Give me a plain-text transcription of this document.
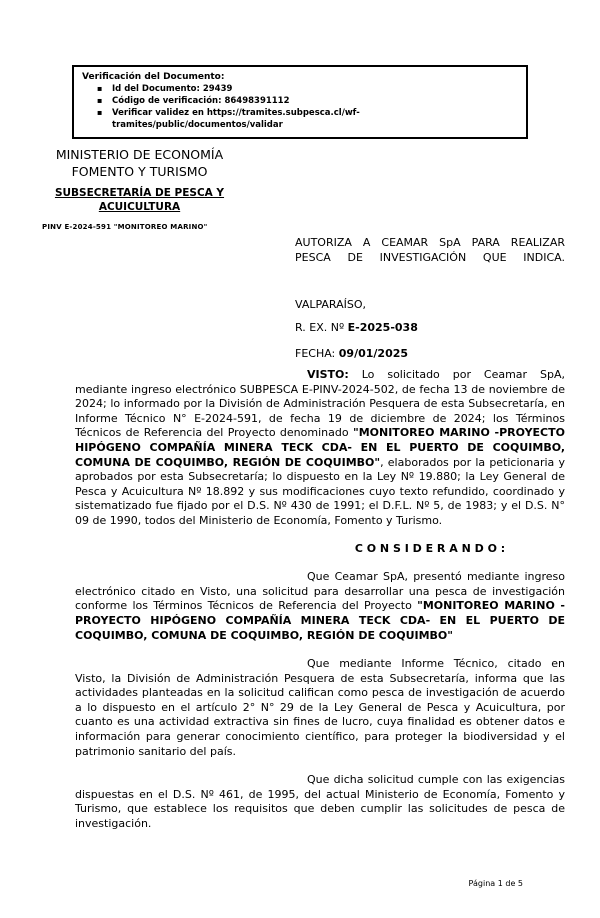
Verificación del Documento:
▪ Id del Documento: 29439
▪ Código de verificación: 86498391112
▪ Verificar validez en https://tramites.subpesca.cl/wf-tramites/public/documentos/validar
MINISTERIO DE ECONOMÍA
FOMENTO Y TURISMO
SUBSECRETARÍA DE PESCA Y
ACUICULTURA
PINV E-2024-591 "MONITOREO MARINO"
AUTORIZA A CEAMAR SpA PARA REALIZAR PESCA DE INVESTIGACIÓN QUE INDICA.
VALPARAÍSO,
R. EX. Nº E-2025-038
FECHA: 09/01/2025

VISTO: Lo solicitado por Ceamar SpA, mediante ingreso electrónico SUBPESCA E-PINV-2024-502, de fecha 13 de noviembre de 2024; lo informado por la División de Administración Pesquera de esta Subsecretaría, en Informe Técnico N° E-2024-591, de fecha 19 de diciembre de 2024; los Términos Técnicos de Referencia del Proyecto denominado "MONITOREO MARINO -PROYECTO HIPÓGENO COMPAÑÍA MINERA TECK CDA- EN EL PUERTO DE COQUIMBO, COMUNA DE COQUIMBO, REGIÓN DE COQUIMBO", elaborados por la peticionaria y aprobados por esta Subsecretaría; lo dispuesto en la Ley Nº 19.880; la Ley General de Pesca y Acuicultura Nº 18.892 y sus modificaciones cuyo texto refundido, coordinado y sistematizado fue fijado por el D.S. Nº 430 de 1991; el D.F.L. Nº 5, de 1983; y el D.S. N° 09 de 1990, todos del Ministerio de Economía, Fomento y Turismo.

C O N S I D E R A N D O :

Que Ceamar SpA, presentó mediante ingreso electrónico citado en Visto, una solicitud para desarrollar una pesca de investigación conforme los Términos Técnicos de Referencia del Proyecto "MONITOREO MARINO -PROYECTO HIPÓGENO COMPAÑÍA MINERA TECK CDA- EN EL PUERTO DE COQUIMBO, COMUNA DE COQUIMBO, REGIÓN DE COQUIMBO"

Que mediante Informe Técnico, citado en Visto, la División de Administración Pesquera de esta Subsecretaría, informa que las actividades planteadas en la solicitud califican como pesca de investigación de acuerdo a lo dispuesto en el artículo 2° N° 29 de la Ley General de Pesca y Acuicultura, por cuanto es una actividad extractiva sin fines de lucro, cuya finalidad es obtener datos e información para generar conocimiento científico, para proteger la biodiversidad y el patrimonio sanitario del país.

Que dicha solicitud cumple con las exigencias dispuestas en el D.S. Nº 461, de 1995, del actual Ministerio de Economía, Fomento y Turismo, que establece los requisitos que deben cumplir las solicitudes de pesca de investigación.

Página 1 de 5
